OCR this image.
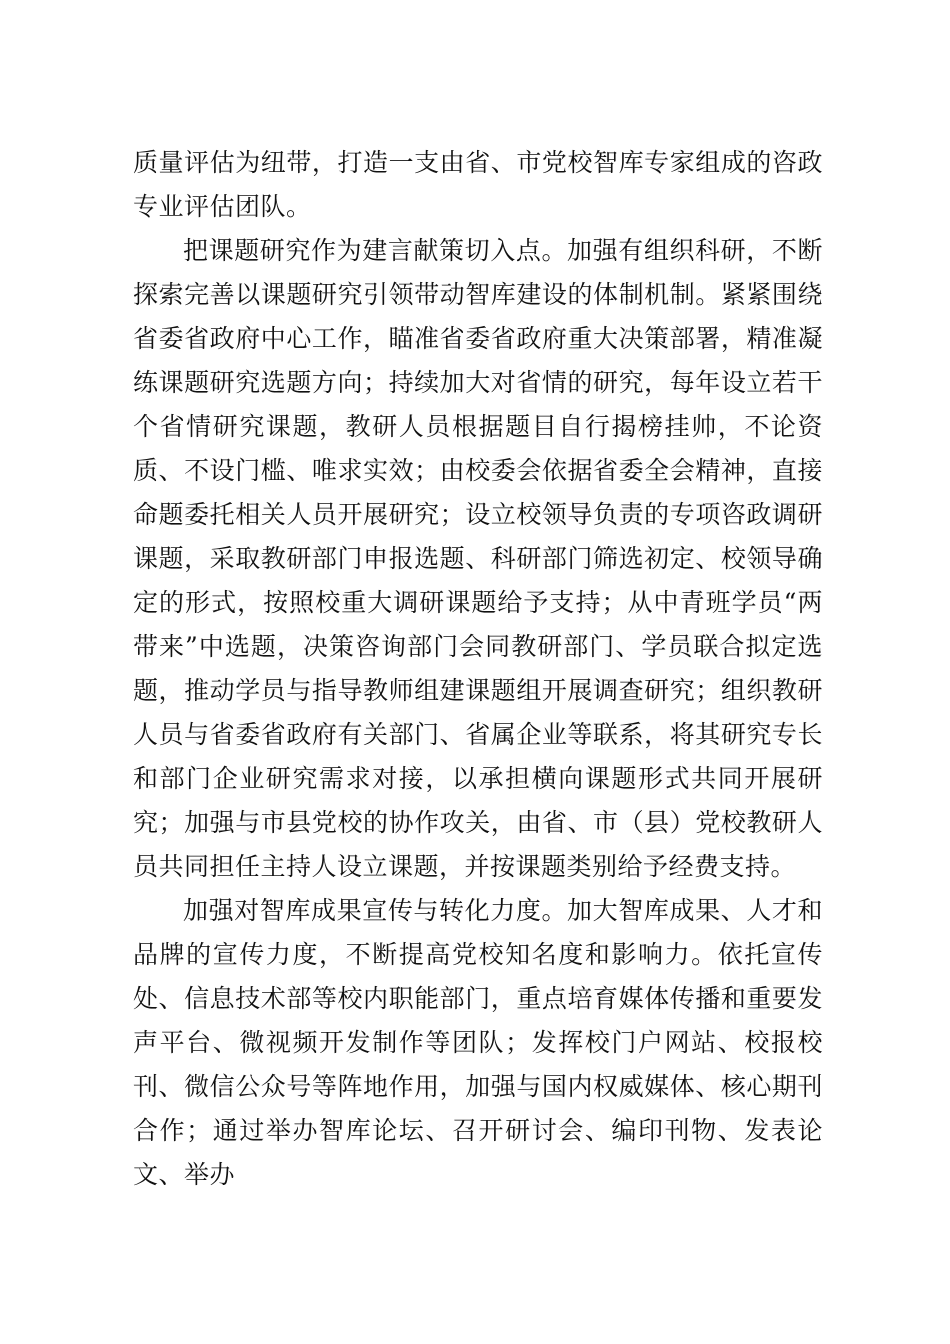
质量评估为纽带，打造一支由省、市党校智库专家组成的咨政专业评估团队。

把课题研究作为建言献策切入点。加强有组织科研，不断探索完善以课题研究引领带动智库建设的体制机制。紧紧围绕省委省政府中心工作，瞄准省委省政府重大决策部署，精准凝练课题研究选题方向；持续加大对省情的研究，每年设立若干个省情研究课题，教研人员根据题目自行揭榜挂帅，不论资质、不设门槛、唯求实效；由校委会依据省委全会精神，直接命题委托相关人员开展研究；设立校领导负责的专项咨政调研课题，采取教研部门申报选题、科研部门筛选初定、校领导确定的形式，按照校重大调研课题给予支持；从中青班学员“两带来”中选题，决策咨询部门会同教研部门、学员联合拟定选题，推动学员与指导教师组建课题组开展调查研究；组织教研人员与省委省政府有关部门、省属企业等联系，将其研究专长和部门企业研究需求对接，以承担横向课题形式共同开展研究；加强与市县党校的协作攻关，由省、市（县）党校教研人员共同担任主持人设立课题，并按课题类别给予经费支持。

加强对智库成果宣传与转化力度。加大智库成果、人才和品牌的宣传力度，不断提高党校知名度和影响力。依托宣传处、信息技术部等校内职能部门，重点培育媒体传播和重要发声平台、微视频开发制作等团队；发挥校门户网站、校报校刊、微信公众号等阵地作用，加强与国内权威媒体、核心期刊合作；通过举办智库论坛、召开研讨会、编印刊物、发表论文、举办
